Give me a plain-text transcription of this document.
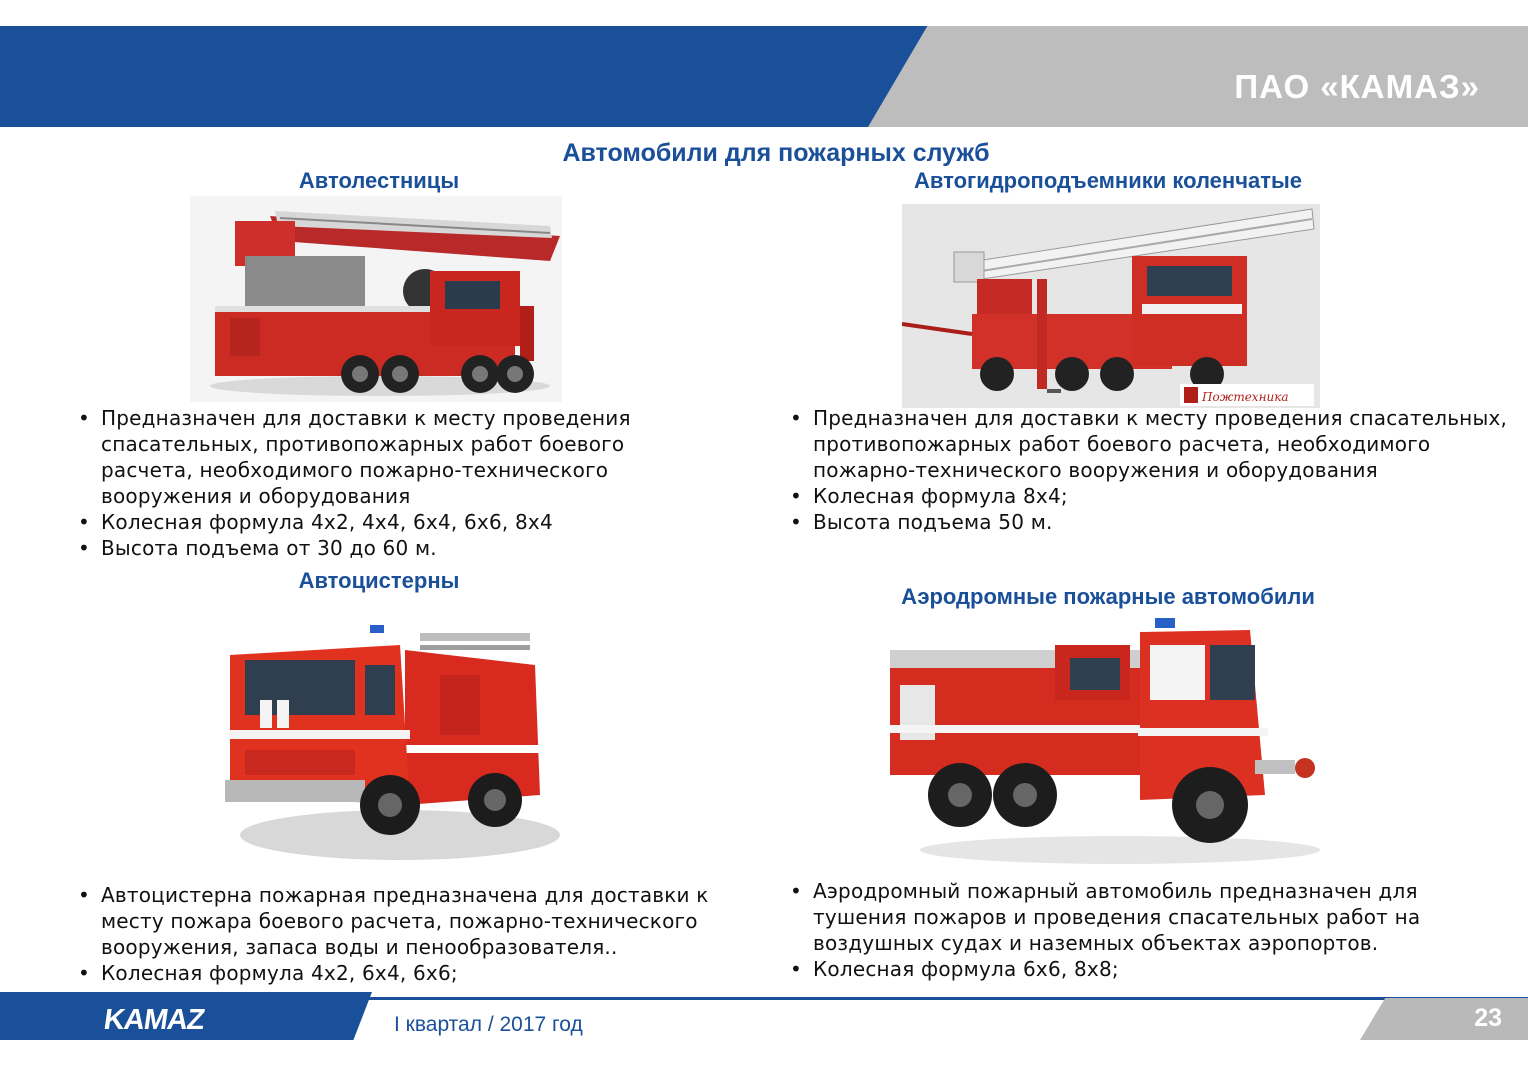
ПАО «КАМАЗ»
Автомобили для пожарных служб
Автолестницы
• Предназначен для доставки к месту проведения спасательных, противопожарных работ боевого расчета, необходимого пожарно-технического вооружения и оборудования
• Колесная формула 4х2, 4х4, 6х4, 6х6, 8х4
• Высота подъема от 30 до 60 м.
Автогидроподъемники коленчатые
Пожтехника
• Предназначен для доставки к месту проведения спасательных, противопожарных работ боевого расчета, необходимого пожарно-технического вооружения и оборудования
• Колесная формула 8х4;
• Высота подъема 50 м.
Автоцистерны
• Автоцистерна пожарная предназначена для доставки к месту пожара боевого расчета, пожарно-технического вооружения, запаса воды и пенообразователя..
• Колесная формула 4х2, 6х4, 6х6;
Аэродромные пожарные автомобили
• Аэродромный пожарный автомобиль предназначен для тушения пожаров и проведения спасательных работ на воздушных судах и наземных объектах аэропортов.
• Колесная формула 6х6, 8х8;
KAMAZ	I квартал / 2017 год	23
